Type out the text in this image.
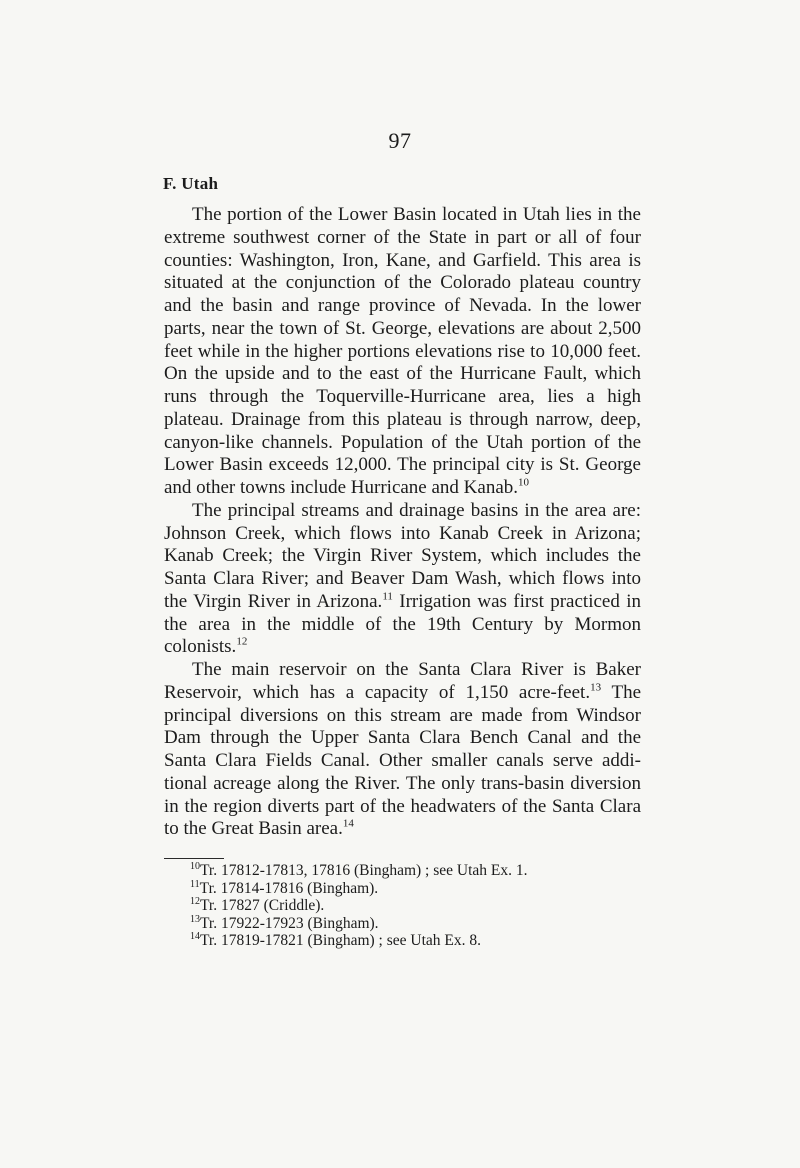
97
F. Utah

The portion of the Lower Basin located in Utah lies in the extreme southwest corner of the State in part or all of four counties: Washington, Iron, Kane, and Garfield. This area is situated at the conjunction of the Colorado plateau country and the basin and range province of Nevada. In the lower parts, near the town of St. George, elevations are about 2,500 feet while in the higher portions elevations rise to 10,000 feet. On the upside and to the east of the Hurricane Fault, which runs through the Toquerville-Hurricane area, lies a high plateau. Drainage from this plateau is through narrow, deep, canyon-like channels. Population of the Utah portion of the Lower Basin exceeds 12,000. The principal city is St. George and other towns include Hurricane and Kanab.$^{10}$

The principal streams and drainage basins in the area are: Johnson Creek, which flows into Kanab Creek in Arizona; Kanab Creek; the Virgin River System, which includes the Santa Clara River; and Beaver Dam Wash, which flows into the Virgin River in Arizona.$^{11}$ Irrigation was first practiced in the area in the middle of the 19th Century by Mormon colonists.$^{12}$

The main reservoir on the Santa Clara River is Baker Reservoir, which has a capacity of 1,150 acre-feet.$^{13}$ The principal diversions on this stream are made from Windsor Dam through the Upper Santa Clara Bench Canal and the Santa Clara Fields Canal. Other smaller canals serve additional acreage along the River. The only trans-basin diversion in the region diverts part of the headwaters of the Santa Clara to the Great Basin area.$^{14}$

$^{10}$Tr. 17812-17813, 17816 (Bingham) ; see Utah Ex. 1.
$^{11}$Tr. 17814-17816 (Bingham).
$^{12}$Tr. 17827 (Criddle).
$^{13}$Tr. 17922-17923 (Bingham).
$^{14}$Tr. 17819-17821 (Bingham) ; see Utah Ex. 8.
